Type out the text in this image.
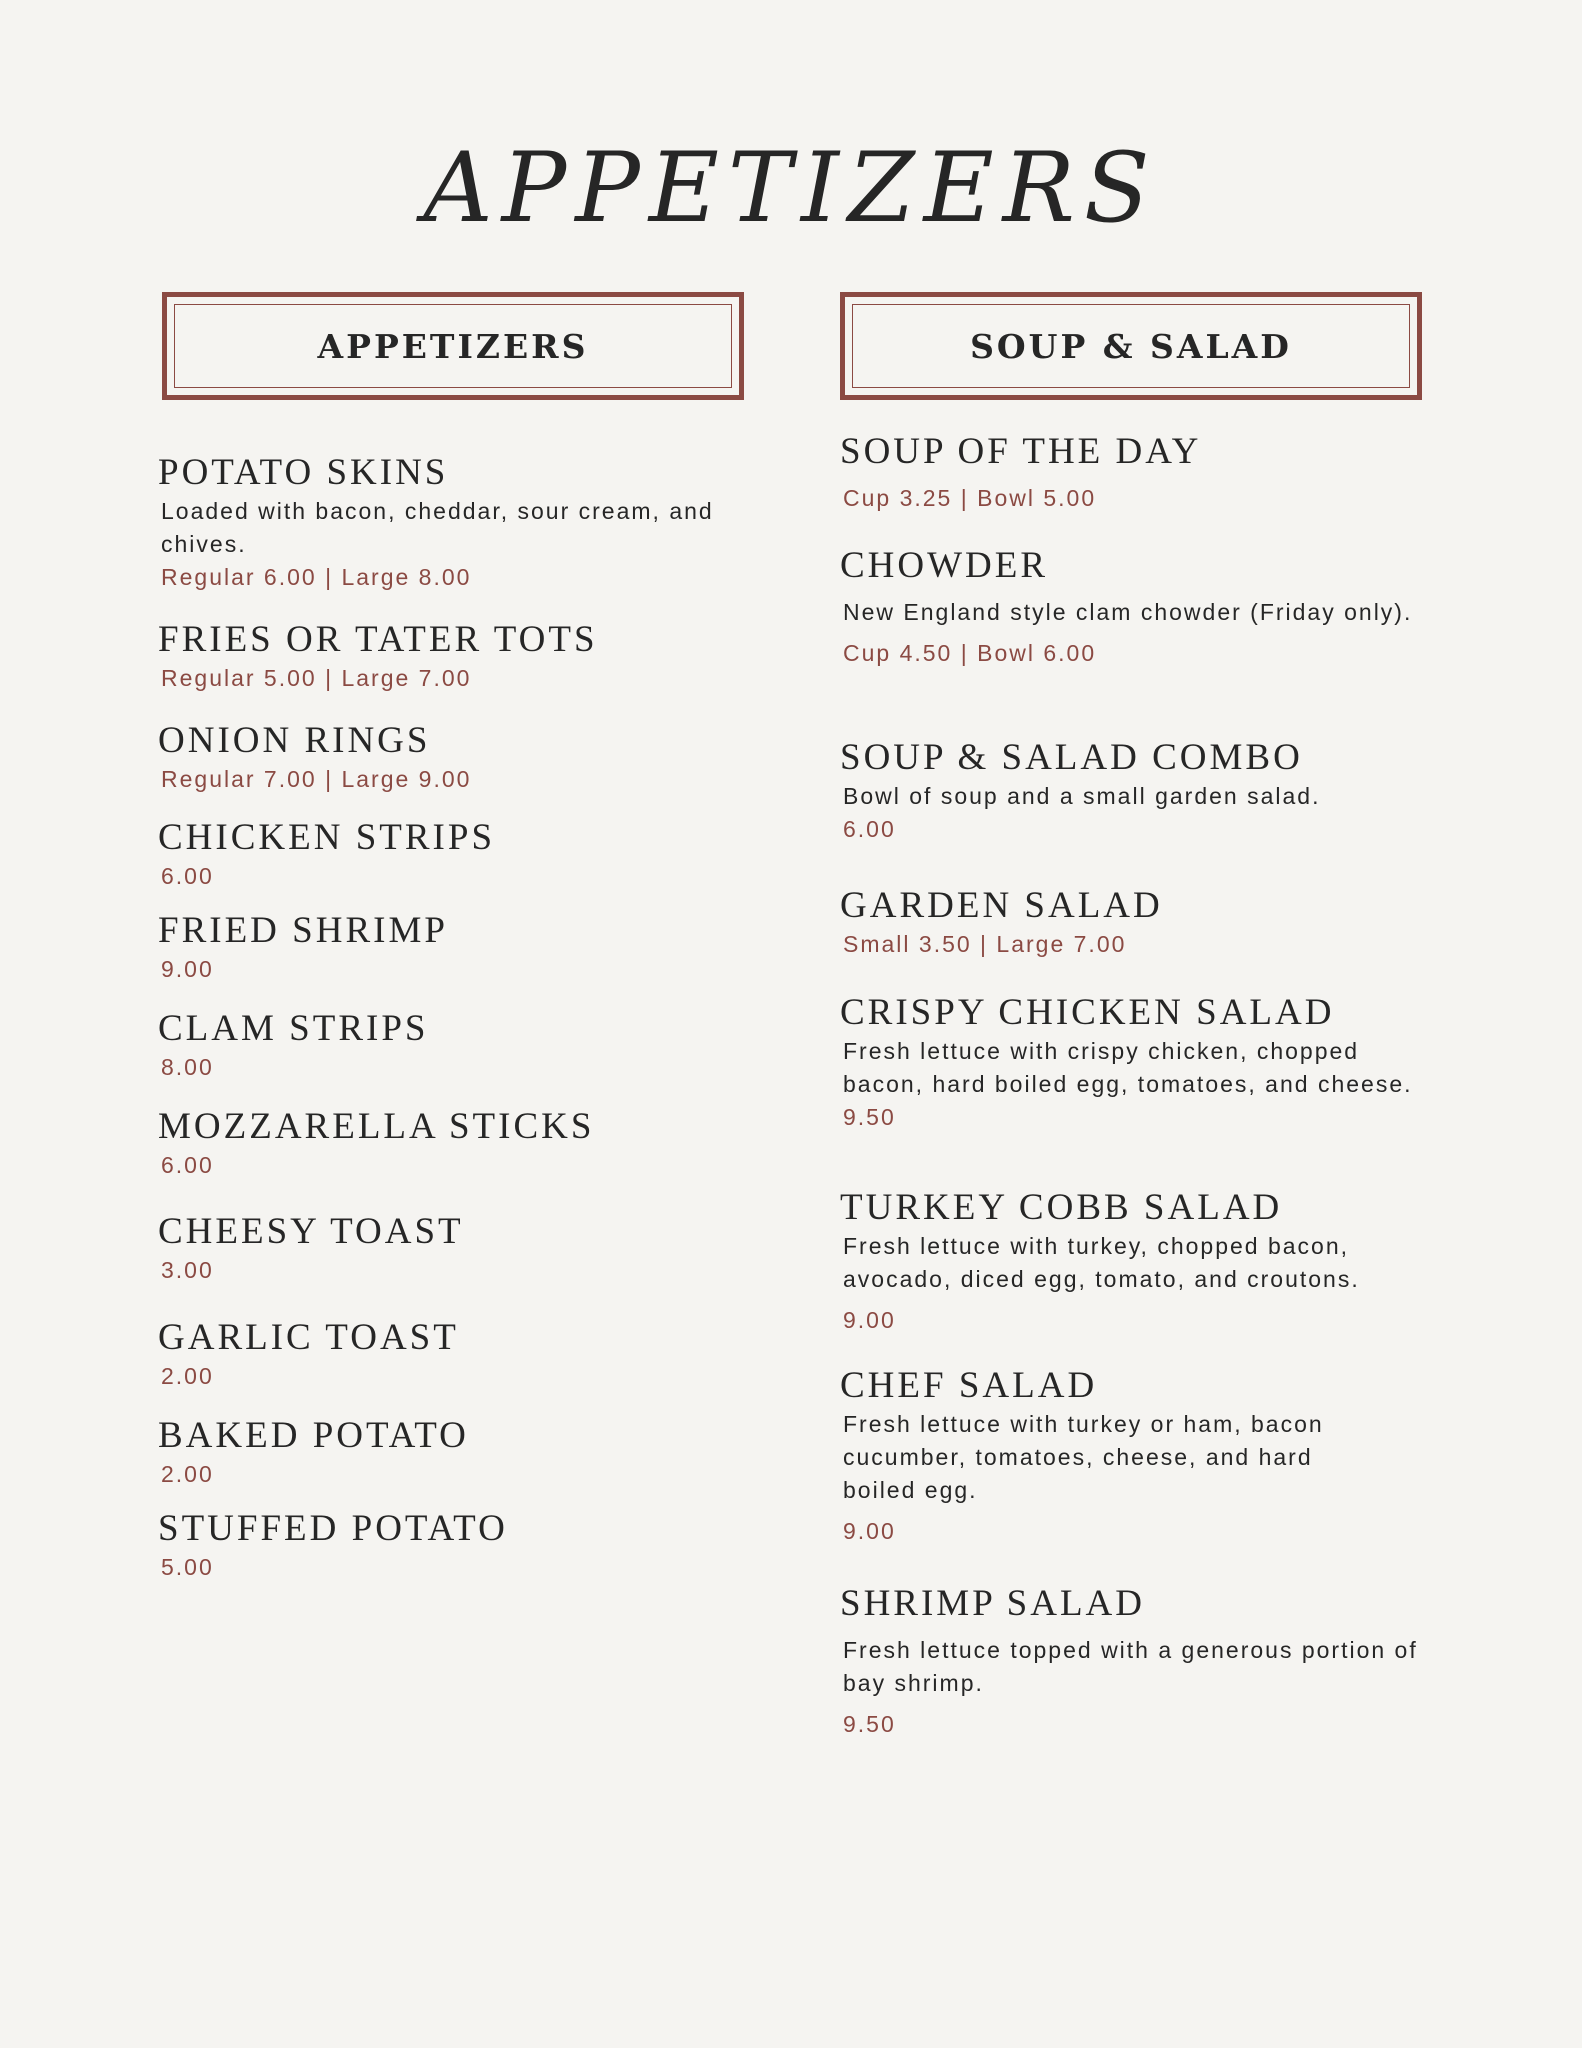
APPETIZERS
APPETIZERS
POTATO SKINS
Loaded with bacon, cheddar, sour cream, and chives.
Regular 6.00 | Large 8.00
FRIES OR TATER TOTS
Regular 5.00 | Large 7.00
ONION RINGS
Regular 7.00 | Large 9.00
CHICKEN STRIPS
6.00
FRIED SHRIMP
9.00
CLAM STRIPS
8.00
MOZZARELLA STICKS
6.00
CHEESY TOAST
3.00
GARLIC TOAST
2.00
BAKED POTATO
2.00
STUFFED POTATO
5.00
SOUP & SALAD
SOUP OF THE DAY
Cup 3.25 | Bowl 5.00
CHOWDER
New England style clam chowder (Friday only).
Cup 4.50 | Bowl 6.00
SOUP & SALAD COMBO
Bowl of soup and a small garden salad.
6.00
GARDEN SALAD
Small 3.50 | Large 7.00
CRISPY CHICKEN SALAD
Fresh lettuce with crispy chicken, chopped bacon, hard boiled egg, tomatoes, and cheese.
9.50
TURKEY COBB SALAD
Fresh lettuce with turkey, chopped bacon, avocado, diced egg, tomato, and croutons.
9.00
CHEF SALAD
Fresh lettuce with turkey or ham, bacon cucumber, tomatoes, cheese, and hard boiled egg.
9.00
SHRIMP SALAD
Fresh lettuce topped with a generous portion of bay shrimp.
9.50
